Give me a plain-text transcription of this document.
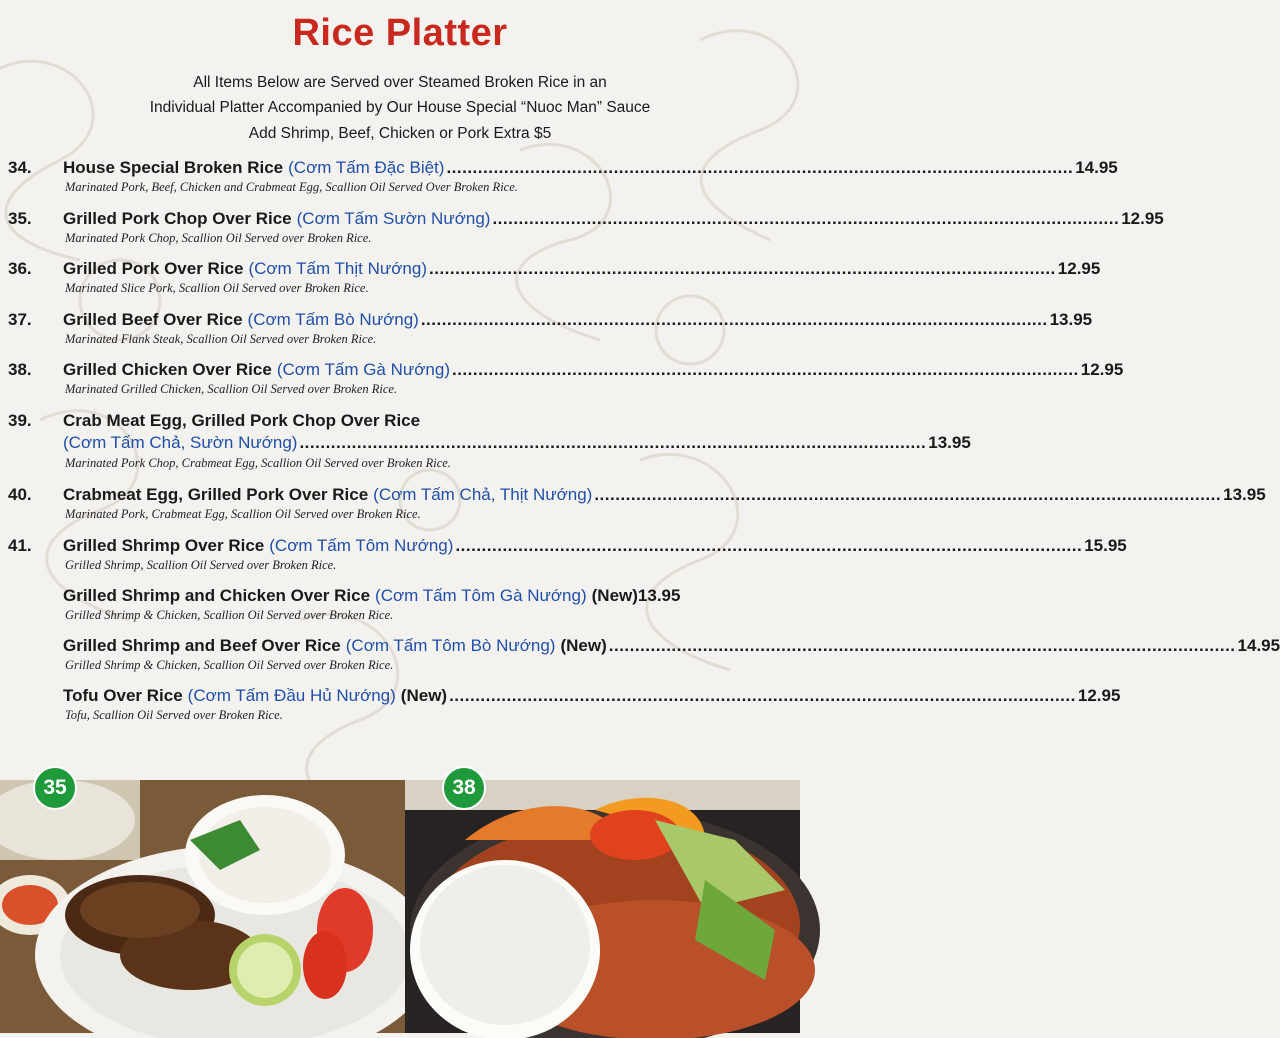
Rice Platter
All Items Below are Served over Steamed Broken Rice in an
Individual Platter Accompanied by Our House Special “Nuoc Man” Sauce
Add Shrimp, Beef, Chicken or Pork Extra $5
34. House Special Broken Rice (Cơm Tấm Đặc Biệt) ........................................................................................................................ 14.95
Marinated Pork, Beef, Chicken and Crabmeat Egg, Scallion Oil Served Over Broken Rice.
35. Grilled Pork Chop Over Rice (Cơm Tấm Sườn Nướng) ........................................................................................................................ 12.95
Marinated Pork Chop, Scallion Oil Served over Broken Rice.
36. Grilled Pork Over Rice (Cơm Tấm Thịt Nướng) ........................................................................................................................ 12.95
Marinated Slice Pork, Scallion Oil Served over Broken Rice.
37. Grilled Beef Over Rice (Cơm Tấm Bò Nướng) ........................................................................................................................ 13.95
Marinated Flank Steak, Scallion Oil Served over Broken Rice.
38. Grilled Chicken Over Rice (Cơm Tấm Gà Nướng) ........................................................................................................................ 12.95
Marinated Grilled Chicken, Scallion Oil Served over Broken Rice.
39. Crab Meat Egg, Grilled Pork Chop Over Rice
(Cơm Tấm Chả, Sườn Nướng) ........................................................................................................................ 13.95
Marinated Pork Chop, Crabmeat Egg, Scallion Oil Served over Broken Rice.
40. Crabmeat Egg, Grilled Pork Over Rice (Cơm Tấm Chả, Thịt Nướng) ........................................................................................................................ 13.95
Marinated Pork, Crabmeat Egg, Scallion Oil Served over Broken Rice.
41. Grilled Shrimp Over Rice (Cơm Tấm Tôm Nướng) ........................................................................................................................ 15.95
Grilled Shrimp, Scallion Oil Served over Broken Rice.
Grilled Shrimp and Chicken Over Rice (Cơm Tấm Tôm Gà Nướng) (New) 13.95
Grilled Shrimp & Chicken, Scallion Oil Served over Broken Rice.
Grilled Shrimp and Beef Over Rice (Cơm Tấm Tôm Bò Nướng) (New) ........................................................................................................................ 14.95
Grilled Shrimp & Chicken, Scallion Oil Served over Broken Rice.
Tofu Over Rice (Cơm Tấm Đầu Hủ Nướng) (New) ........................................................................................................................ 12.95
Tofu, Scallion Oil Served over Broken Rice.
35	38
